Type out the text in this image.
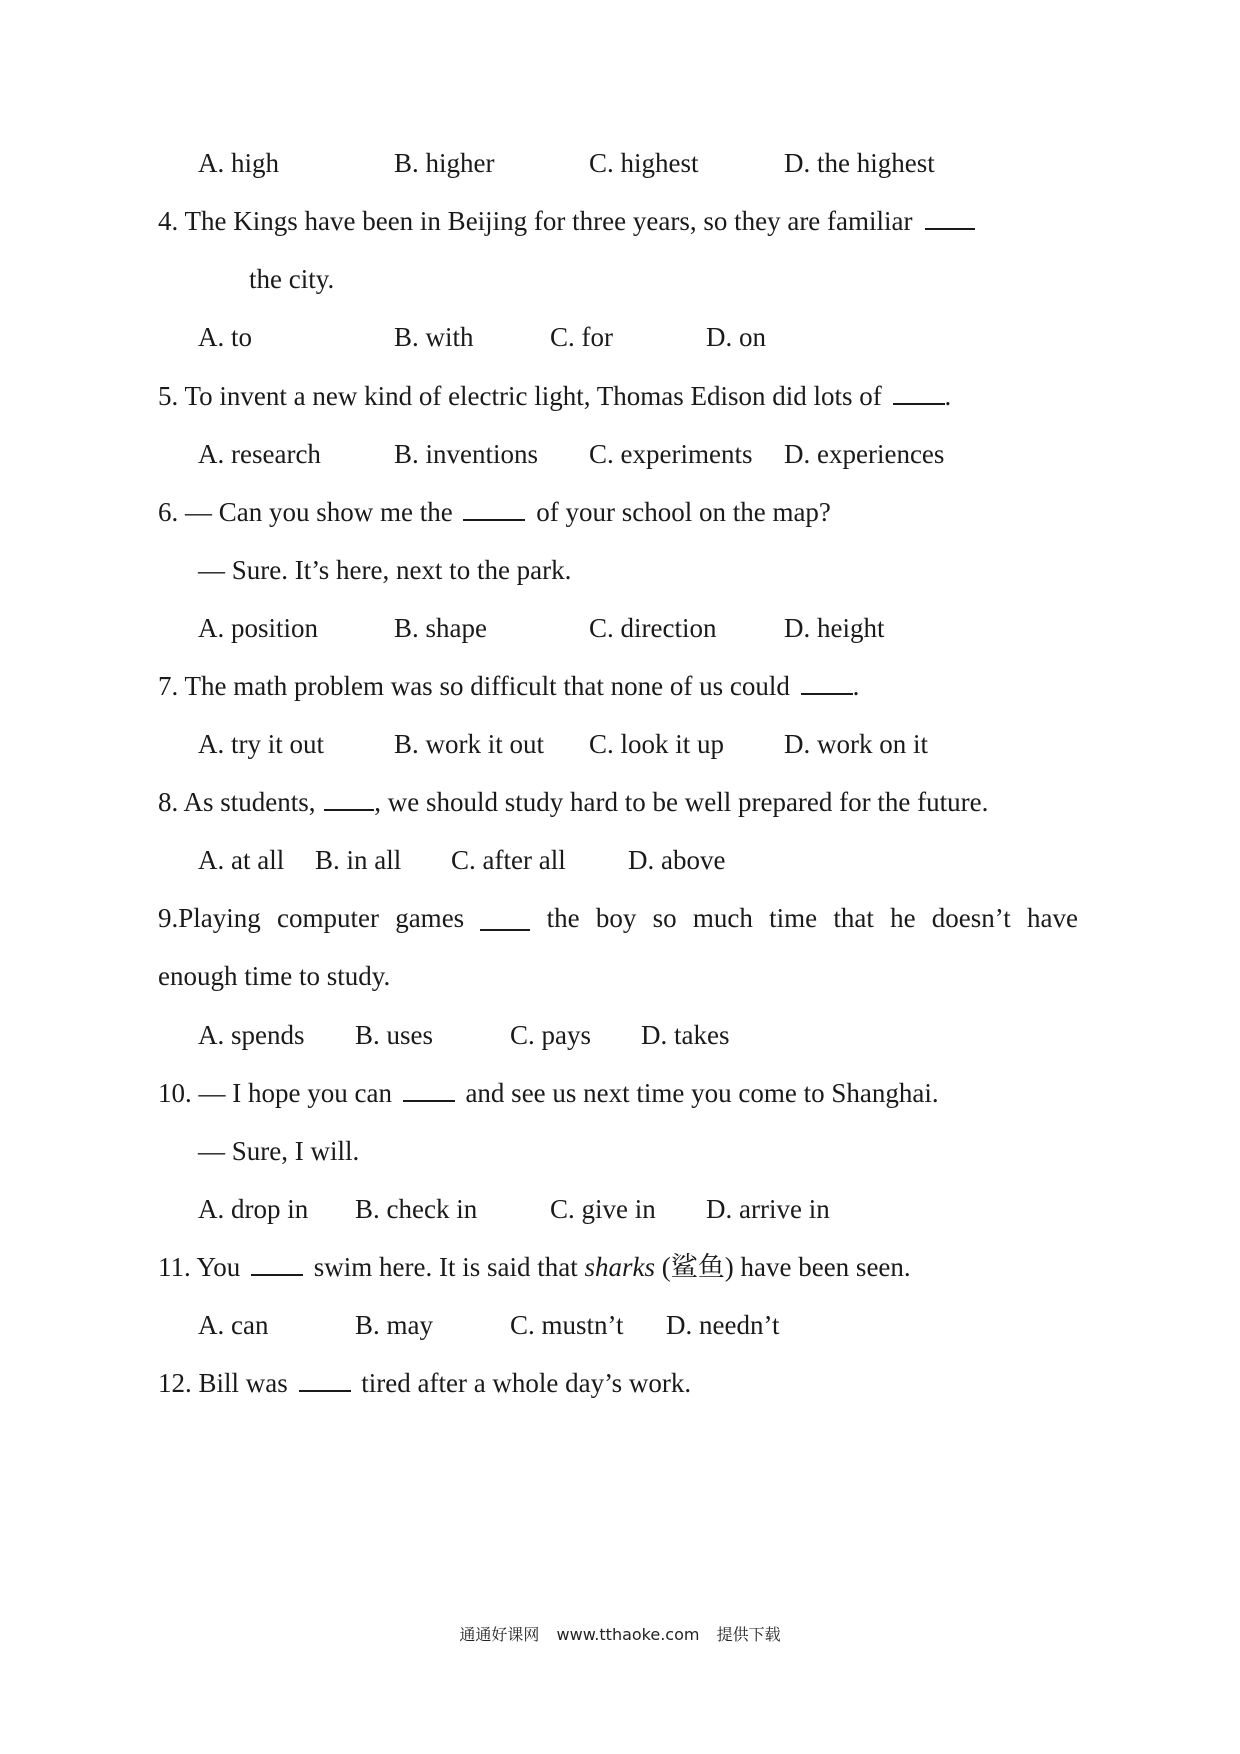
A. high	B. higher	C. highest	D. the highest
4. The Kings have been in Beijing for three years, so they are familiar
the city.
A. to	B. with	C. for	D. on
5. To invent a new kind of electric light, Thomas Edison did lots of .
A. research	B. inventions C. experiments D. experiences
6. — Can you show me the	of your school on the map?
— Sure. It’s here, next to the park.
A. position	B. shape	C. direction	D. height
7. The math problem was so difficult that none of us could .
A. try it out	B. work it out C. look it up D. work on it
8. As students, , we should study hard to be well prepared for the future.
A. at all B. in all C. after all D. above
9.Playing computer games	the boy so much time that he doesn’t have
enough time to study.
A. spends B. uses	C. pays D. takes
10. — I hope you can	and see us next time you come to Shanghai.
— Sure, I will.
A. drop in B. check in	C. give in D. arrive in
11. You	swim here. It is said that sharks (鲨鱼) have been seen.
A. can	B. may	C. mustn’t D. needn’t
12. Bill was	tired after a whole day’s work.
通通好课网 www.tthaoke.com 提供下载
